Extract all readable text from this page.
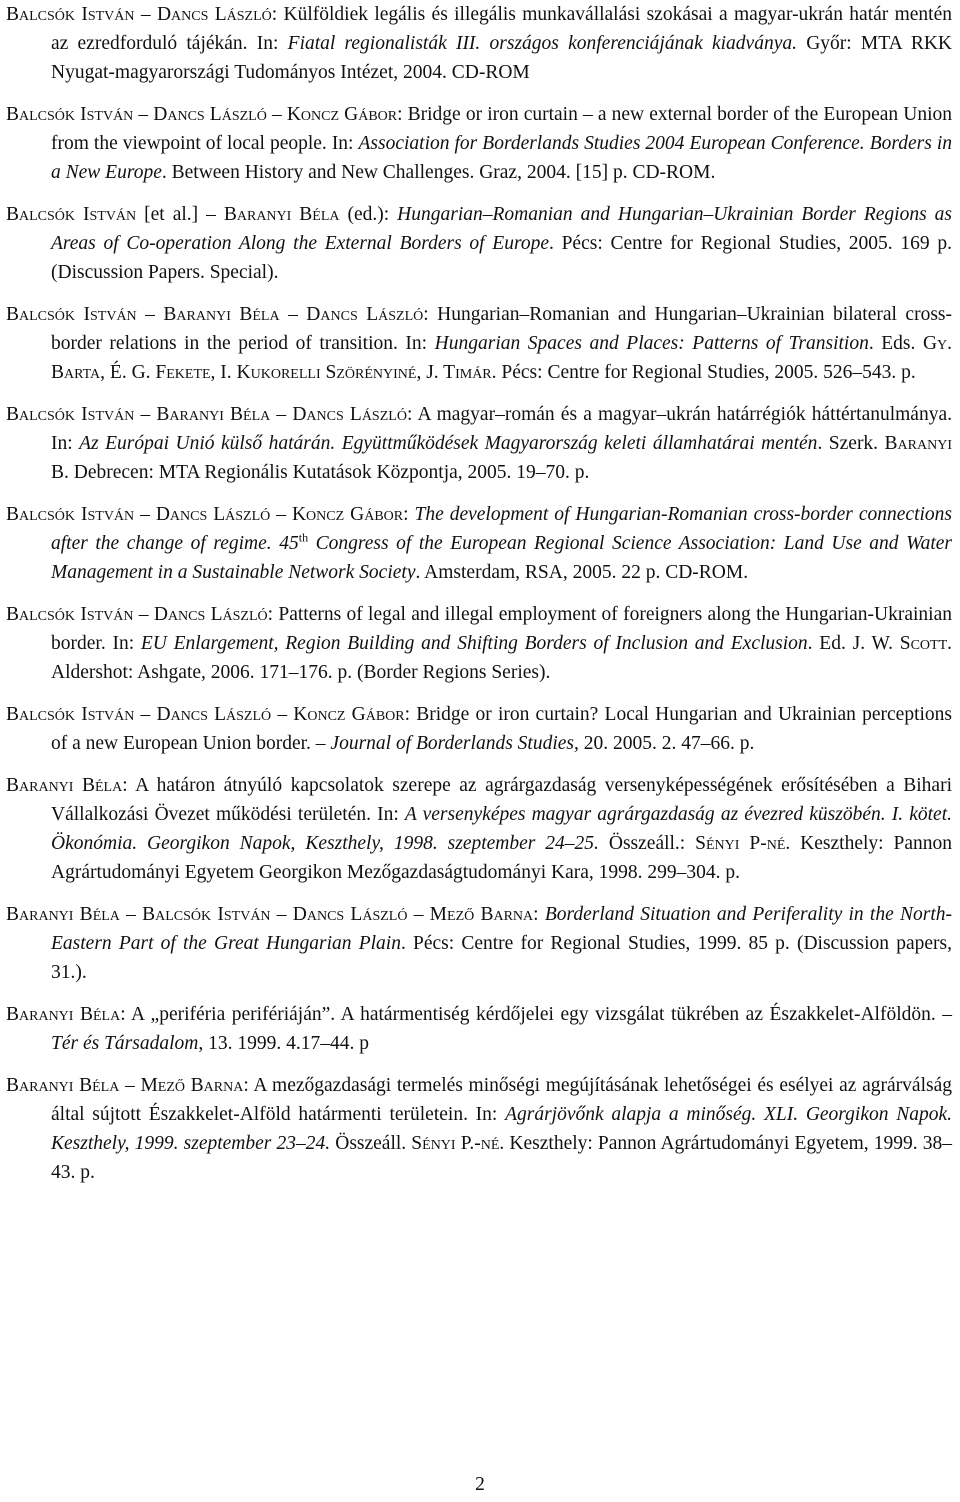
Balcsók István – Dancs László: Külföldiek legális és illegális munkavállalási szokásai a magyar-ukrán határ mentén az ezredforduló tájékán. In: Fiatal regionalisták III. országos konferenciájának kiadványa. Győr: MTA RKK Nyugat-magyarországi Tudományos Intézet, 2004. CD-ROM

Balcsók István – Dancs László – Koncz Gábor: Bridge or iron curtain – a new external border of the European Union from the viewpoint of local people. In: Association for Borderlands Studies 2004 European Conference. Borders in a New Europe. Between History and New Challenges. Graz, 2004. [15] p. CD-ROM.

Balcsók István [et al.] – Baranyi Béla (ed.): Hungarian–Romanian and Hungarian–Ukrainian Border Regions as Areas of Co-operation Along the External Borders of Europe. Pécs: Centre for Regional Studies, 2005. 169 p. (Discussion Papers. Special).

Balcsók István – Baranyi Béla – Dancs László: Hungarian–Romanian and Hungarian–Ukrainian bilateral cross-border relations in the period of transition. In: Hungarian Spaces and Places: Patterns of Transition. Eds. Gy. Barta, É. G. Fekete, I. Kukorelli Szörényiné, J. Timár. Pécs: Centre for Regional Studies, 2005. 526–543. p.

Balcsók István – Baranyi Béla – Dancs László: A magyar–román és a magyar–ukrán határrégiók háttértanulmánya. In: Az Európai Unió külső határán. Együttműködések Magyarország keleti államhatárai mentén. Szerk. Baranyi B. Debrecen: MTA Regionális Kutatások Központja, 2005. 19–70. p.

Balcsók István – Dancs László – Koncz Gábor: The development of Hungarian-Romanian cross-border connections after the change of regime. 45th Congress of the European Regional Science Association: Land Use and Water Management in a Sustainable Network Society. Amsterdam, RSA, 2005. 22 p. CD-ROM.

Balcsók István – Dancs László: Patterns of legal and illegal employment of foreigners along the Hungarian-Ukrainian border. In: EU Enlargement, Region Building and Shifting Borders of Inclusion and Exclusion. Ed. J. W. Scott. Aldershot: Ashgate, 2006. 171–176. p. (Border Regions Series).

Balcsók István – Dancs László – Koncz Gábor: Bridge or iron curtain? Local Hungarian and Ukrainian perceptions of a new European Union border. – Journal of Borderlands Studies, 20. 2005. 2. 47–66. p.

Baranyi Béla: A határon átnyúló kapcsolatok szerepe az agrárgazdaság versenyképességének erősítésében a Bihari Vállalkozási Övezet működési területén. In: A versenyképes magyar agrárgazdaság az évezred küszöbén. I. kötet. Ökonómia. Georgikon Napok, Keszthely, 1998. szeptember 24–25. Összeáll.: Sényi P-né. Keszthely: Pannon Agrártudományi Egyetem Georgikon Mezőgazdaságtudományi Kara, 1998. 299–304. p.

Baranyi Béla – Balcsók István – Dancs László – Mező Barna: Borderland Situation and Periferality in the North-Eastern Part of the Great Hungarian Plain. Pécs: Centre for Regional Studies, 1999. 85 p. (Discussion papers, 31.).

Baranyi Béla: A „periféria perifériáján”. A határmentiség kérdőjelei egy vizsgálat tükrében az Északkelet-Alföldön. – Tér és Társadalom, 13. 1999. 4.17–44. p

Baranyi Béla – Mező Barna: A mezőgazdasági termelés minőségi megújításának lehetőségei és esélyei az agrárválság által sújtott Északkelet-Alföld határmenti területein. In: Agrárjövőnk alapja a minőség. XLI. Georgikon Napok. Keszthely, 1999. szeptember 23–24. Összeáll. Sényi P.-né. Keszthely: Pannon Agrártudományi Egyetem, 1999. 38–43. p.

2
